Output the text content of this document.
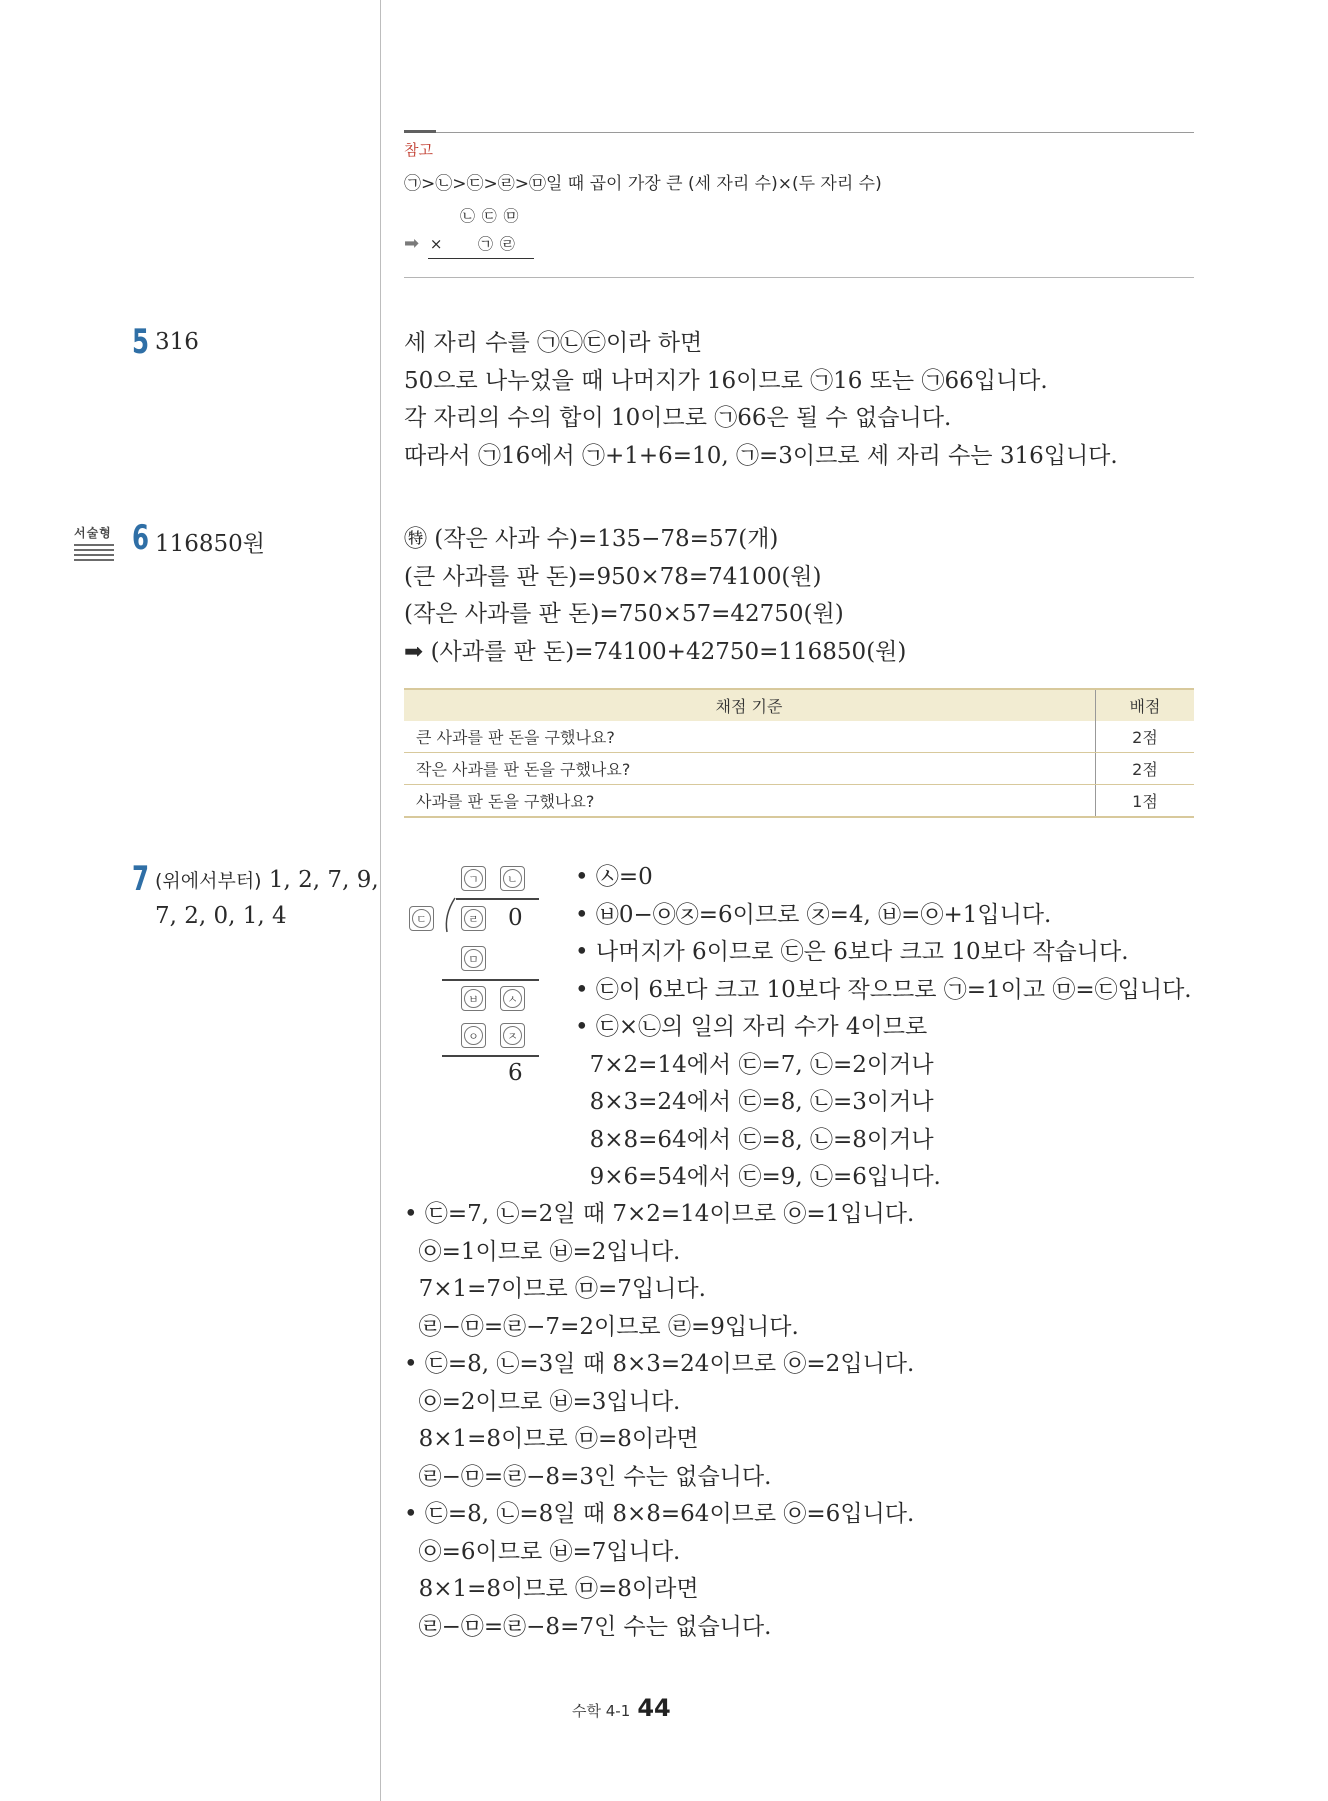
참고
㉠>㉡>㉢>㉣>㉤일 때 곱이 가장 큰 (세 자리 수)×(두 자리 수)
㉡ ㉢ ㉤
➡ ×      ㉠ ㉣
5 316	세 자리 수를 ㉠㉡㉢이라 하면
50으로 나누었을 때 나머지가 16이므로 ㉠16 또는 ㉠66입니다.
각 자리의 수의 합이 10이므로 ㉠66은 될 수 없습니다.
따라서 ㉠16에서 ㉠+1+6=10, ㉠=3이므로 세 자리 수는 316입니다.
서술형 6 116850원	㊕ (작은 사과 수)=135−78=57(개)
(큰 사과를 판 돈)=950×78=74100(원)
(작은 사과를 판 돈)=750×57=42750(원)
➡ (사과를 판 돈)=74100+42750=116850(원)
채점 기준	배점
큰 사과를 판 돈을 구했나요?	2점
작은 사과를 판 돈을 구했나요?	2점
사과를 판 돈을 구했나요?	1점
7 (위에서부터) 1, 2, 7, 9,
7, 2, 0, 1, 4
ㄱ	ㄴ
ㄷ	ㄹ 0
ㅁ
ㅂ	ㅅ
ㅇ	ㅈ
6
• ㉦=0
• ㉥0−㉧㉨=6이므로 ㉨=4, ㉥=㉧+1입니다.
• 나머지가 6이므로 ㉢은 6보다 크고 10보다 작습니다.
• ㉢이 6보다 크고 10보다 작으므로 ㉠=1이고 ㉤=㉢입니다.
• ㉢×㉡의 일의 자리 수가 4이므로
7×2=14에서 ㉢=7, ㉡=2이거나
8×3=24에서 ㉢=8, ㉡=3이거나
8×8=64에서 ㉢=8, ㉡=8이거나
9×6=54에서 ㉢=9, ㉡=6입니다.
• ㉢=7, ㉡=2일 때 7×2=14이므로 ㉧=1입니다.
㉧=1이므로 ㉥=2입니다.
7×1=7이므로 ㉤=7입니다.
㉣−㉤=㉣−7=2이므로 ㉣=9입니다.
• ㉢=8, ㉡=3일 때 8×3=24이므로 ㉧=2입니다.
㉧=2이므로 ㉥=3입니다.
8×1=8이므로 ㉤=8이라면
㉣−㉤=㉣−8=3인 수는 없습니다.
• ㉢=8, ㉡=8일 때 8×8=64이므로 ㉧=6입니다.
㉧=6이므로 ㉥=7입니다.
8×1=8이므로 ㉤=8이라면
㉣−㉤=㉣−8=7인 수는 없습니다.
수학 4-1 44
